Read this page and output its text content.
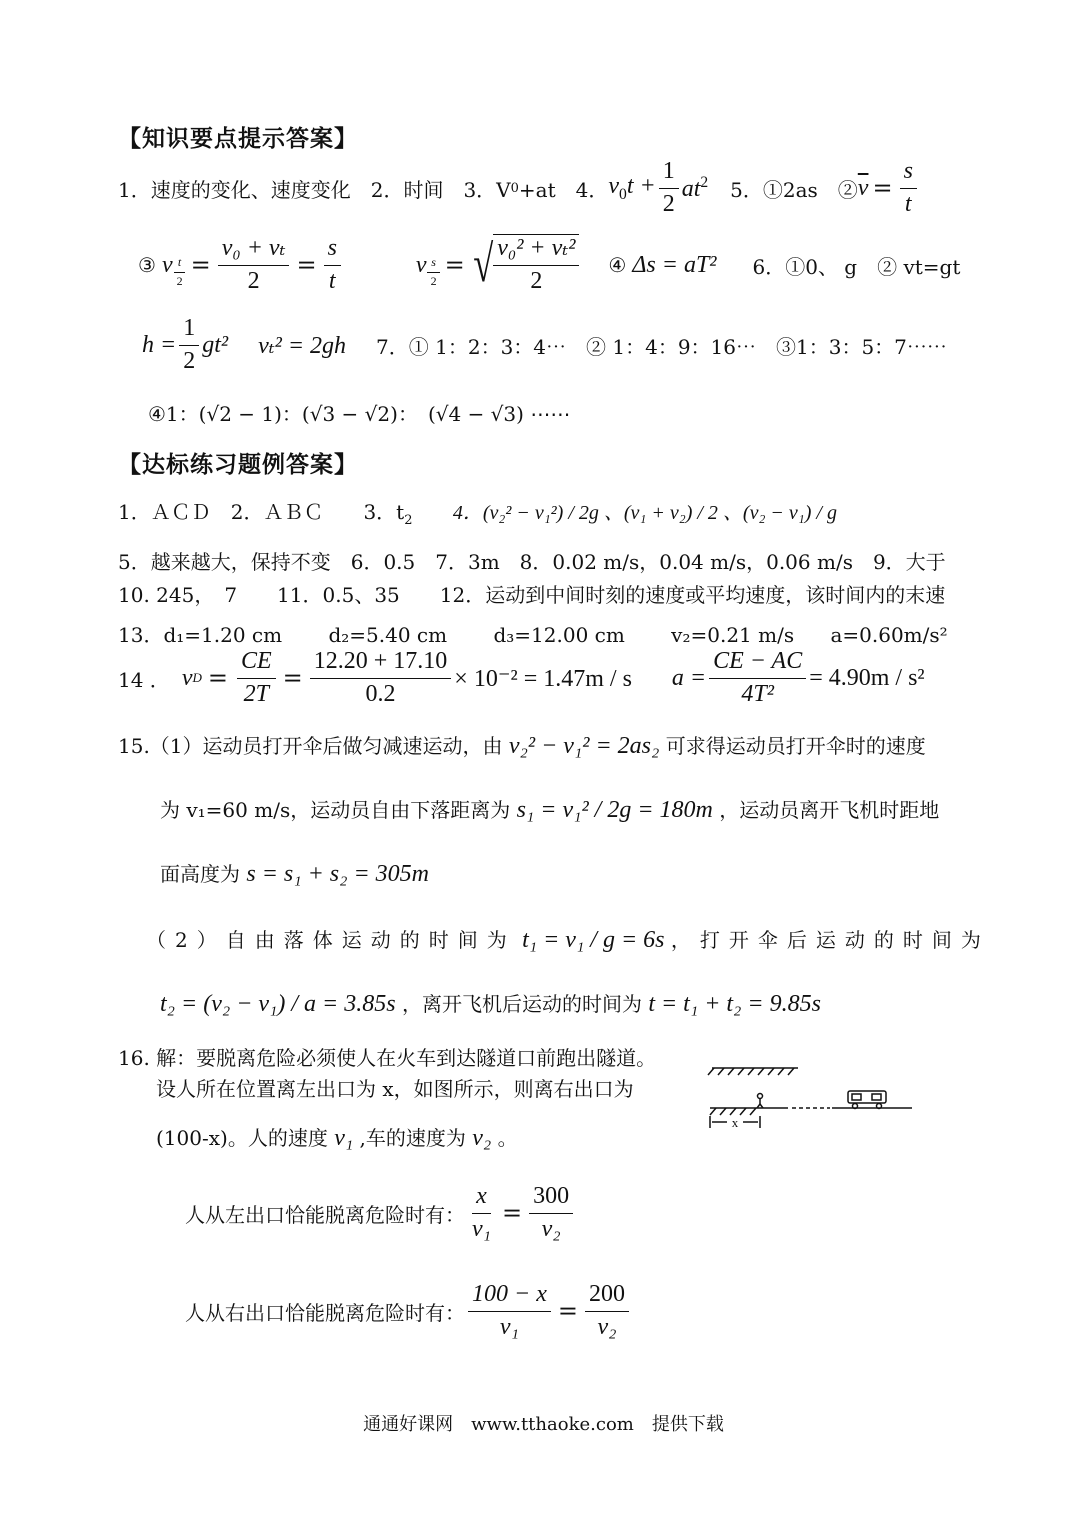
【知识要点提示答案】
1．速度的变化、速度变化　2．时间　3．V 0 +at　4． $v_0t + \frac{1}{2} at^2$ 5．①2as　② $\overline{v} = \frac{s}{t}$
③ v $\frac{t}{2} = \frac{\text{v₀ + vₜ}}{2} = \frac{s}{t}$	v $\frac{s}{2}$ = √ $\frac{\text{v₀² + vₜ²}}{2}$ ④ Δs = aT² 6．①0、 g　② vt=gt
$h = \frac{1}{2} gt^2$ vₜ² = 2gh 7．① 1：2：3：4⋯　② 1：4：9：16⋯　③1：3：5：7⋯⋯
④1：(√2 − 1)：(√3 − √2)：　(√4 − √3) ⋯⋯
【达标练习题例答案】
1．ＡＣＤ　2．ＡＢＣ　　3．$t_2$ 4．(v₂² − v₁²) / 2g 、(v₁ + v₂) / 2 、(v₂ − v₁) / g
5．越来越大，保持不变　6．0.5　7．3m　8．0.02 m/s，0.04 m/s，0.06 m/s　9．大于
10. 245，　7　　11．0.5、35　　12．运动到中间时刻的速度或平均速度，该时间内的末速
13．d₁=1.20 cm d₂=5.40 cm d₃=12.00 cm v₂=0.21 m/s a=0.60m/s²
14 ． v $D = \frac{CE}{2T} = \frac{12.20 + 17.10}{0.2} \times 10^{-2} = 1.47m / s$ $a = \frac{CE - AC}{\text{4T²}} = 4.90m / s^2$
15.（1）运动员打开伞后做匀减速运动，由 v₂² − v₁² = 2as₂ 可求得运动员打开伞时的速度
为 v₁=60 m/s，运动员自由下落距离为 s₁ = v₁² / 2g = 180m ，运动员离开飞机时距地
面高度为 s = s₁ + s₂ = 305m
（2）自由落体运动的时间为 t₁ = v₁ / g = 6s ，打开伞后运动的时间为
t₂ = (v₂ − v₁) / a = 3.85s ，离开飞机后运动的时间为 t = t₁ + t₂ = 9.85s
16. 解：要脱离危险必须使人在火车到达隧道口前跑出隧道。
设人所在位置离左出口为 x，如图所示，则离右出口为
(100-x)。人的速度 v₁ ,车的速度为 v₂ 。
x
人从左出口恰能脱离危险时有： $\frac{x}{\text{v₁}} = \frac{300}{\text{v₂}}$
人从右出口恰能脱离危险时有： $\frac{100 - x}{\text{v₁}} = \frac{200}{\text{v₂}}$
通通好课网　www.tthaoke.com　提供下载
